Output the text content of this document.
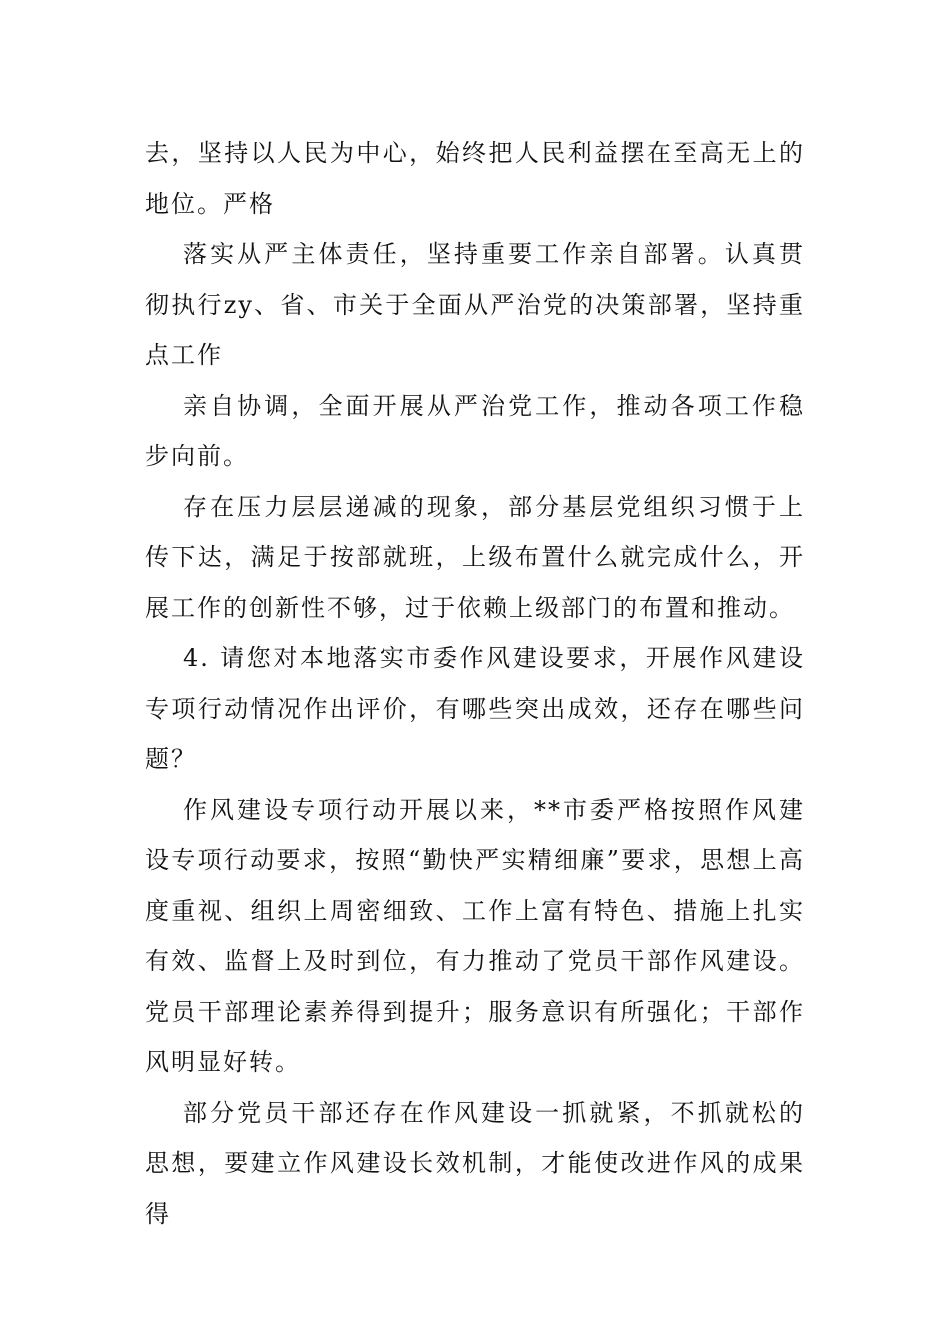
去，坚持以人民为中心，始终把人民利益摆在至高无上的地位。严格

落实从严主体责任，坚持重要工作亲自部署。认真贯彻执行zy、省、市关于全面从严治党的决策部署，坚持重点工作

亲自协调，全面开展从严治党工作，推动各项工作稳步向前。

存在压力层层递减的现象，部分基层党组织习惯于上传下达，满足于按部就班，上级布置什么就完成什么，开展工作的创新性不够，过于依赖上级部门的布置和推动。

4. 请您对本地落实市委作风建设要求，开展作风建设专项行动情况作出评价，有哪些突出成效，还存在哪些问题？

作风建设专项行动开展以来，**市委严格按照作风建设专项行动要求，按照“勤快严实精细廉”要求，思想上高度重视、组织上周密细致、工作上富有特色、措施上扎实有效、监督上及时到位，有力推动了党员干部作风建设。党员干部理论素养得到提升；服务意识有所强化；干部作风明显好转。

部分党员干部还存在作风建设一抓就紧，不抓就松的思想，要建立作风建设长效机制，才能使改进作风的成果得
